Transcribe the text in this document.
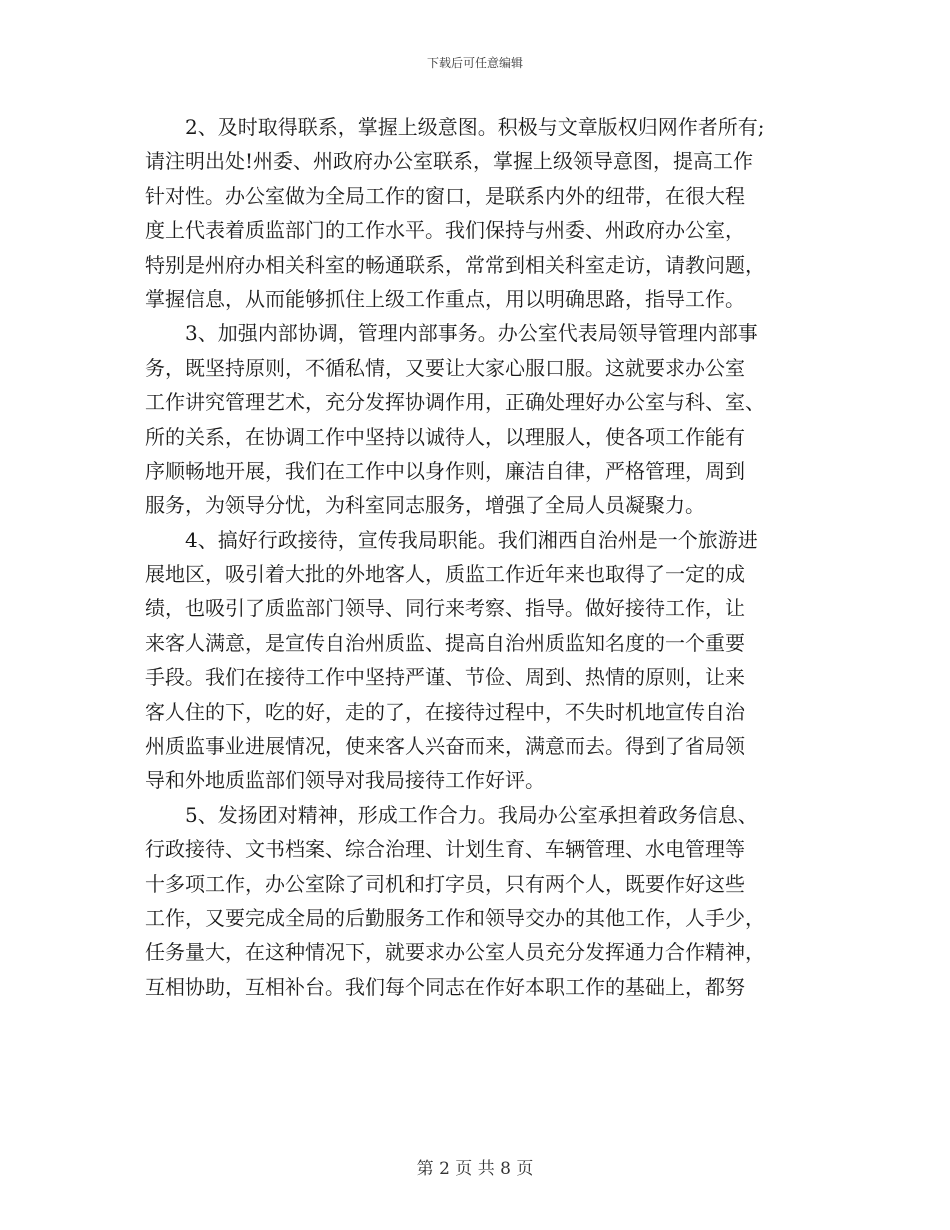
下载后可任意编辑
2、及时取得联系，掌握上级意图。积极与文章版权归网作者所有;
请注明出处!州委、州政府办公室联系，掌握上级领导意图，提高工作
针对性。办公室做为全局工作的窗口，是联系内外的纽带，在很大程
度上代表着质监部门的工作水平。我们保持与州委、州政府办公室，
特别是州府办相关科室的畅通联系，常常到相关科室走访，请教问题，
掌握信息，从而能够抓住上级工作重点，用以明确思路，指导工作。
3、加强内部协调，管理内部事务。办公室代表局领导管理内部事
务，既坚持原则，不循私情，又要让大家心服口服。这就要求办公室
工作讲究管理艺术，充分发挥协调作用，正确处理好办公室与科、室、
所的关系，在协调工作中坚持以诚待人，以理服人，使各项工作能有
序顺畅地开展，我们在工作中以身作则，廉洁自律，严格管理，周到
服务，为领导分忧，为科室同志服务，增强了全局人员凝聚力。
4、搞好行政接待，宣传我局职能。我们湘西自治州是一个旅游进
展地区，吸引着大批的外地客人，质监工作近年来也取得了一定的成
绩，也吸引了质监部门领导、同行来考察、指导。做好接待工作，让
来客人满意，是宣传自治州质监、提高自治州质监知名度的一个重要
手段。我们在接待工作中坚持严谨、节俭、周到、热情的原则，让来
客人住的下，吃的好，走的了，在接待过程中，不失时机地宣传自治
州质监事业进展情况，使来客人兴奋而来，满意而去。得到了省局领
导和外地质监部们领导对我局接待工作好评。
5、发扬团对精神，形成工作合力。我局办公室承担着政务信息、
行政接待、文书档案、综合治理、计划生育、车辆管理、水电管理等
十多项工作，办公室除了司机和打字员，只有两个人，既要作好这些
工作，又要完成全局的后勤服务工作和领导交办的其他工作，人手少，
任务量大，在这种情况下，就要求办公室人员充分发挥通力合作精神，
互相协助，互相补台。我们每个同志在作好本职工作的基础上，都努
第 2 页 共 8 页
